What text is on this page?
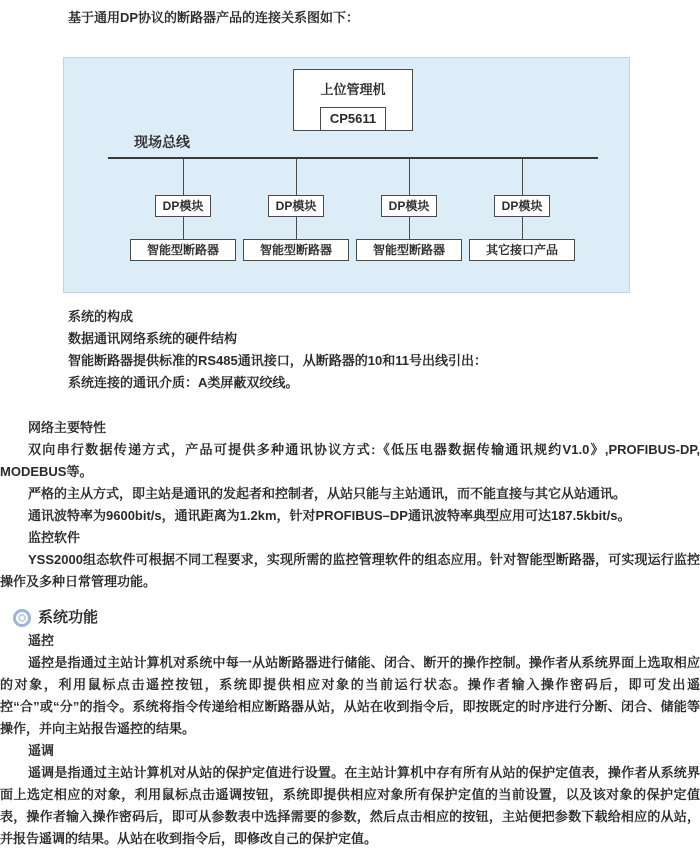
基于通用DP协议的断路器产品的连接关系图如下：
上位管理机
CP5611
现场总线
DP模块
智能型断路器
DP模块
智能型断路器
DP模块
智能型断路器
DP模块
其它接口产品
系统的构成
数据通讯网络系统的硬件结构
智能断路器提供标准的RS485通讯接口，从断路器的10和11号出线引出：
系统连接的通讯介质：A类屏蔽双绞线。
网络主要特性

双向串行数据传递方式，产品可提供多种通讯协议方式:《低压电器数据传输通讯规约V1.0》,PROFIBUS-DP, MODEBUS等。

严格的主从方式，即主站是通讯的发起者和控制者，从站只能与主站通讯，而不能直接与其它从站通讯。

通讯波特率为9600bit/s，通讯距离为1.2km，针对PROFIBUS–DP通讯波特率典型应用可达187.5kbit/s。

监控软件

YSS2000组态软件可根据不同工程要求，实现所需的监控管理软件的组态应用。针对智能型断路器，可实现运行监控操作及多种日常管理功能。

系统功能
遥控

遥控是指通过主站计算机对系统中每一从站断路器进行储能、闭合、断开的操作控制。操作者从系统界面上选取相应的对象，利用鼠标点击遥控按钮，系统即提供相应对象的当前运行状态。操作者输入操作密码后，即可发出遥控“合”或“分”的指令。系统将指令传递给相应断路器从站，从站在收到指令后，即按既定的时序进行分断、闭合、储能等操作，并向主站报告遥控的结果。

遥调

遥调是指通过主站计算机对从站的保护定值进行设置。在主站计算机中存有所有从站的保护定值表，操作者从系统界面上选定相应的对象，利用鼠标点击遥调按钮，系统即提供相应对象所有保护定值的当前设置，以及该对象的保护定值表，操作者输入操作密码后，即可从参数表中选择需要的参数，然后点击相应的按钮，主站便把参数下载给相应的从站，并报告遥调的结果。从站在收到指令后，即修改自己的保护定值。
